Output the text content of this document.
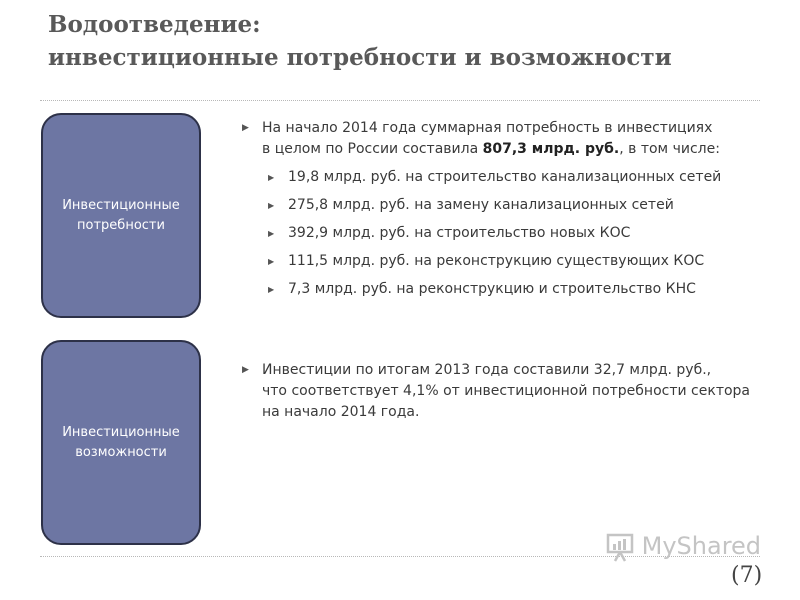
Водоотведение:
инвестиционные потребности и возможности
Инвестиционные потребности
Инвестиционные возможности
▶ На начало 2014 года суммарная потребность в инвестициях
в целом по России составила 807,3 млрд. руб., в том числе:
▶ 19,8 млрд. руб. на строительство канализационных сетей
▶ 275,8 млрд. руб. на замену канализационных сетей
▶ 392,9 млрд. руб. на строительство новых КОС
▶ 111,5 млрд. руб. на реконструкцию существующих КОС
▶ 7,3 млрд. руб. на реконструкцию и строительство КНС
▶ Инвестиции по итогам 2013 года составили 32,7 млрд. руб.,
что соответствует 4,1% от инвестиционной потребности сектора
на начало 2014 года.
MyShared
(7)
